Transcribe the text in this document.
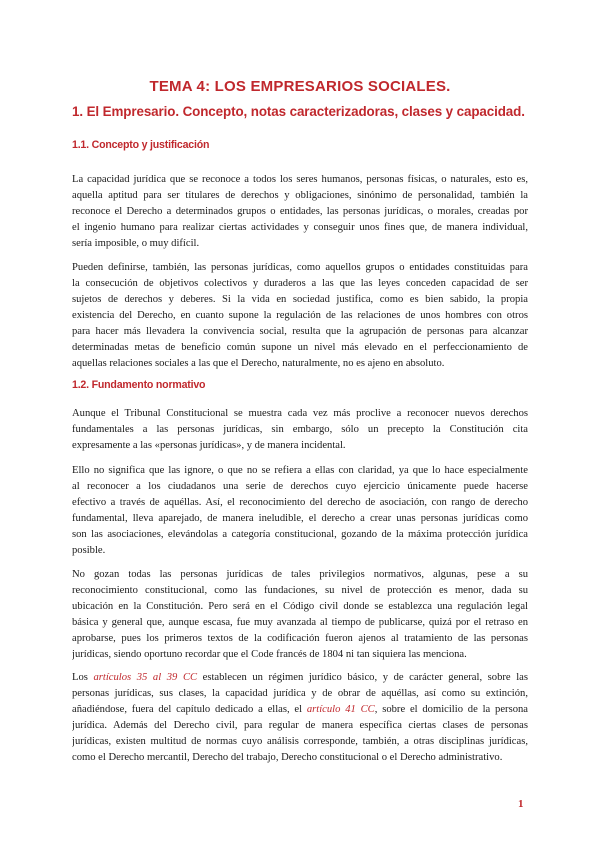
TEMA 4: LOS EMPRESARIOS SOCIALES.
1. El Empresario. Concepto, notas caracterizadoras, clases y capacidad.
1.1. Concepto y justificación
La capacidad jurídica que se reconoce a todos los seres humanos, personas físicas, o naturales, esto es,
aquella aptitud para ser titulares de derechos y obligaciones, sinónimo de personalidad, también la
reconoce el Derecho a determinados grupos o entidades, las personas jurídicas, o morales, creadas por
el ingenio humano para realizar ciertas actividades y conseguir unos fines que, de manera individual,
sería imposible, o muy difícil.
Pueden definirse, también, las personas jurídicas, como aquellos grupos o entidades constituidas para
la consecución de objetivos colectivos y duraderos a las que las leyes conceden capacidad de ser
sujetos de derechos y deberes. Si la vida en sociedad justifica, como es bien sabido, la propia
existencia del Derecho, en cuanto supone la regulación de las relaciones de unos hombres con otros
para hacer más llevadera la convivencia social, resulta que la agrupación de personas para alcanzar
determinadas metas de beneficio común supone un nivel más elevado en el perfeccionamiento de
aquellas relaciones sociales a las que el Derecho, naturalmente, no es ajeno en absoluto.
1.2. Fundamento normativo
Aunque el Tribunal Constitucional se muestra cada vez más proclive a reconocer nuevos derechos
fundamentales a las personas jurídicas, sin embargo, sólo un precepto la Constitución cita
expresamente a las «personas jurídicas», y de manera incidental.
Ello no significa que las ignore, o que no se refiera a ellas con claridad, ya que lo hace especialmente
al reconocer a los ciudadanos una serie de derechos cuyo ejercicio únicamente puede hacerse
efectivo a través de aquéllas. Así, el reconocimiento del derecho de asociación, con rango de derecho
fundamental, lleva aparejado, de manera ineludible, el derecho a crear unas personas jurídicas como
son las asociaciones, elevándolas a categoría constitucional, gozando de la máxima protección jurídica
posible.
No gozan todas las personas jurídicas de tales privilegios normativos, algunas, pese a su
reconocimiento constitucional, como las fundaciones, su nivel de protección es menor, dada su
ubicación en la Constitución. Pero será en el Código civil donde se establezca una regulación legal
básica y general que, aunque escasa, fue muy avanzada al tiempo de publicarse, quizá por el retraso en
aprobarse, pues los primeros textos de la codificación fueron ajenos al tratamiento de las personas
jurídicas, siendo oportuno recordar que el Code francés de 1804 ni tan siquiera las menciona.
Los artículos 35 al 39 CC establecen un régimen jurídico básico, y de carácter general, sobre las
personas jurídicas, sus clases, la capacidad jurídica y de obrar de aquéllas, así como su extinción,
añadiéndose, fuera del capítulo dedicado a ellas, el artículo 41 CC, sobre el domicilio de la persona
jurídica. Además del Derecho civil, para regular de manera específica ciertas clases de personas
jurídicas, existen multitud de normas cuyo análisis corresponde, también, a otras disciplinas jurídicas,
como el Derecho mercantil, Derecho del trabajo, Derecho constitucional o el Derecho administrativo.
1
